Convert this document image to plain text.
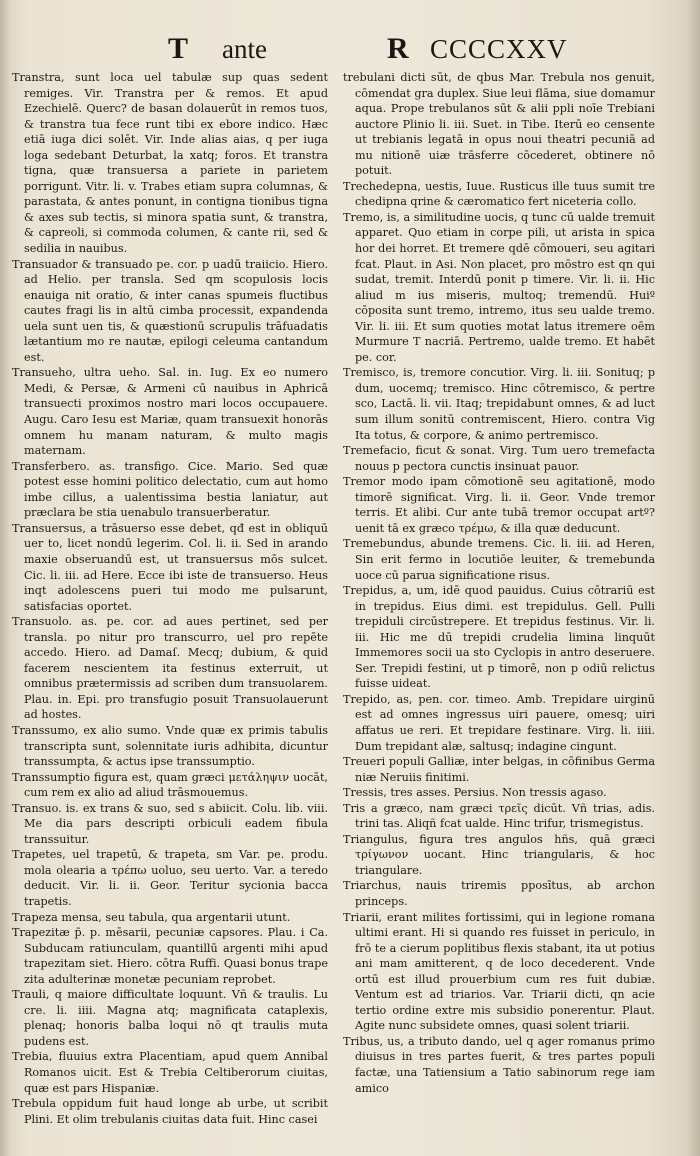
T ante	R CCCCXXV

Transtra, sunt loca uel tabulæ sup quas sedent remiges. Vir. Transtra per & remos. Et apud Ezechielē. Querc? de basan dolauerūt in remos tuos, & transtra tua fece runt tibi ex ebore indico. Hæc etiā iuga dici solēt. Vir. Inde alias aias, q per iuga loga sedebant Deturbat, la xatq; foros. Et transtra tigna, quæ transuersa a pariete in parietem porrigunt. Vitr. li. v. Trabes etiam supra columnas, & parastata, & antes ponunt, in contigna tionibus tigna & axes sub tectis, si minora spatia sunt, & transtra, & capreoli, si commoda columen, & cante rii, sed & sedilia in nauibus.

Transuador & transuado pe. cor. p uadū traiicio. Hiero. ad Helio. per transla. Sed qm scopulosis locis enauiga nit oratio, & inter canas spumeis fluctibus cautes fragi lis in altū cimba processit, expandenda uela sunt uen tis, & quæstionū scrupulis trāfuadatis lætantium mo re nautæ, epilogi celeuma cantandum est.

Transueho, ultra ueho. Sal. in. Iug. Ex eo numero Medi, & Persæ, & Armeni cū nauibus in Aphricā transuecti proximos nostro mari locos occupauere. Augu. Caro Iesu est Mariæ, quam transuexit honorās omnem hu manam naturam, & multo magis maternam.

Transferbero. as. transfigo. Cice. Mario. Sed quæ potest esse homini politico delectatio, cum aut homo imbe cillus, a ualentissima bestia laniatur, aut præclara be stia uenabulo transuerberatur.

Transuersus, a trāsuerso esse debet, qđ est in obliquū uer to, licet nondū legerim. Col. li. ii. Sed in arando maxie obseruandū est, ut transuersus mōs sulcet. Cic. li. iii. ad Here. Ecce ibi iste de transuerso. Heus inqt adolescens pueri tui modo me pulsarunt, satisfacias oportet.

Transuolo. as. pe. cor. ad aues pertinet, sed per transla. po nitur pro transcurro, uel pro repēte accedo. Hiero. ad Damaſ. Mecq; dubium, & quid facerem nescientem ita festinus exterruit, ut omnibus prætermissis ad scriben dum transuolarem. Plau. in. Epi. pro transfugio posuit Transuolauerunt ad hostes.

Transsumo, ex alio sumo. Vnde quæ ex primis tabulis transcripta sunt, solennitate iuris adhibita, dicuntur transsumpta, & actus ipse transsumptio.

Transsumptio figura est, quam græci μετάληψιν uocāt, cum rem ex alio ad aliud trāsmouemus.

Transuo. is. ex trans & suo, sed s abiicit. Colu. lib. viii. Me dia pars descripti orbiculi eadem fibula transsuitur.

Trapetes, uel trapetū, & trapeta, sm Var. pe. produ. mola olearia a τρέπω uoluo, seu uerto. Var. a teredo deducit. Vir. li. ii. Geor. Teritur sycionia bacca trapetis.

Trapeza mensa, seu tabula, qua argentarii utunt.

Trapezitæ p̄. p. mēsarii, pecuniæ capsores. Plau. i Ca. Subducam ratiunculam, quantillū argenti mihi apud trapezitam siet. Hiero. cōtra Ruffi. Quasi bonus trape zita adulterinæ monetæ pecuniam reprobet.

Trauli, q maiore difficultate loquunt. Vñ & traulis. Lu cre. li. iiii. Magna atq; magnificata cataplexis, plenaq; honoris balba loqui nō qt traulis muta pudens est.

Trebia, fluuius extra Placentiam, apud quem Annibal Romanos uicit. Est & Trebia Celtiberorum ciuitas, quæ est pars Hispaniæ.

Trebula oppidum fuit haud longe ab urbe, ut scribit Plini. Et olim trebulanis ciuitas data fuit. Hinc casei

trebulani dicti sūt, de qbus Mar. Trebula nos genuit, cōmendat gra duplex. Siue leui flāma, siue domamur aqua. Prope trebulanos sūt & alii ppli noīe Trebiani auctore Plinio li. iii. Suet. in Tibe. Iterū eo censente ut trebianis legatā in opus noui theatri pecuniā ad mu nitionē uiæ trāsferre cōcederet, obtinere nō potuit.

Trechedepna, uestis, Iuue. Rusticus ille tuus sumit tre chedipna qrine & cæromatico fert niceteria collo.

Tremo, is, a similitudine uocis, q tunc cū ualde tremuit apparet. Quo etiam in corpe pili, ut arista in spica hor dei horret. Et tremere qdē cōmoueri, seu agitari fcat. Plaut. in Asi. Non placet, pro mōstro est qn qui sudat, tremit. Interdū ponit p timere. Vir. li. ii. Hic aliud m ius miseris, multoq; tremendū. Huiº cōposita sunt tremo, intremo, itus seu ualde tremo. Vir. li. iii. Et sum quoties motat latus itremere oēm Murmure T nacriā. Pertremo, ualde tremo. Et habēt pe. cor.

Tremisco, is, tremore concutior. Virg. li. iii. Sonituq; p dum, uocemq; tremisco. Hinc cōtremisco, & pertre sco, Lactā. li. vii. Itaq; trepidabunt omnes, & ad luct sum illum sonitū contremiscent, Hiero. contra Vig Ita totus, & corpore, & animo pertremisco.

Tremefacio, ficut & sonat. Virg. Tum uero tremefacta nouus p pectora cunctis insinuat pauor.

Tremor modo ipam cōmotionē seu agitationē, modo timorē significat. Virg. li. ii. Geor. Vnde tremor terris. Et alibi. Cur ante tubā tremor occupat artº? uenit tā ex græco τρέμω, & illa quæ deducunt.

Tremebundus, abunde tremens. Cic. li. iii. ad Heren, Sin erit fermo in locutiōe leuiter, & tremebunda uoce cū parua significatione risus.

Trepidus, a, um, idē quod pauidus. Cuius cōtrariū est in trepidus. Eius dimi. est trepidulus. Gell. Pulli trepiduli circūstrepere. Et trepidus festinus. Vir. li. iii. Hic me dū trepidi crudelia limina linquūt Immemores socii ua sto Cyclopis in antro deseruere. Ser. Trepidi festini, ut p timorē, non p odiū relictus fuisse uideat.

Trepido, as, pen. cor. timeo. Amb. Trepidare uirginū est ad omnes ingressus uiri pauere, omesq; uiri affatus ue reri. Et trepidare festinare. Virg. li. iiii. Dum trepidant alæ, saltusq; indagine cingunt.

Treueri populi Galliæ, inter belgas, in cōfinibus Germa niæ Neruiis finitimi.

Tressis, tres asses. Persius. Non tressis agaso.

Tris a græco, nam græci τρεῖς dicūt. Vñ trias, adis. trini tas. Aliqñ fcat ualde. Hinc trifur, trismegistus.

Triangulus, figura tres angulos hñs, quā græci τρίγωνον uocant. Hinc triangularis, & hoc triangulare.

Triarchus, nauis triremis pposītus, ab archon princeps.

Triarii, erant milites fortissimi, qui in legione romana ultimi erant. Hi si quando res fuisset in periculo, in frō te a cierum poplitibus flexis stabant, ita ut potius ani mam amitterent, q de loco decederent. Vnde ortū est illud prouerbium cum res fuit dubiæ. Ventum est ad triarios. Var. Triarii dicti, qn acie tertio ordine extre mis subsidio ponerentur. Plaut. Agite nunc subsidete omnes, quasi solent triarii.

Tribus, us, a tributo dando, uel q ager romanus primo diuisus in tres partes fuerit, & tres partes populi factæ, una Tatiensium a Tatio sabinorum rege iam amico
